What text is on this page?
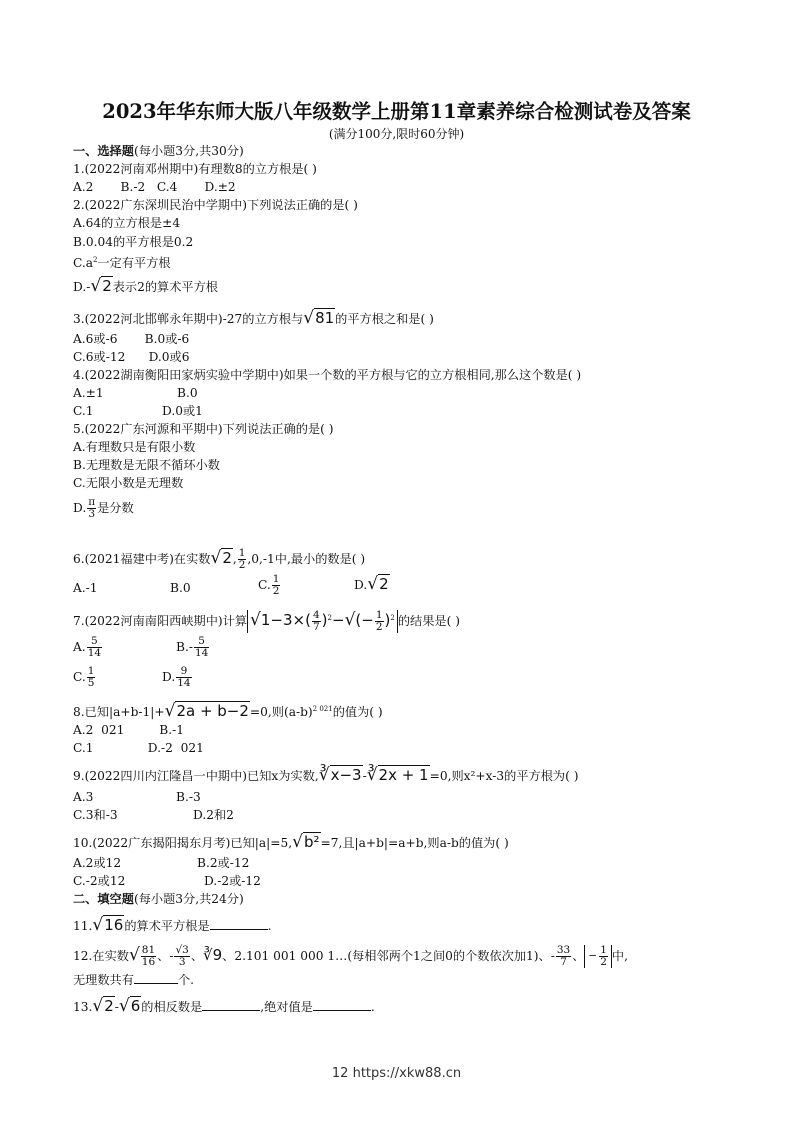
2023年华东师大版八年级数学上册第11章素养综合检测试卷及答案
(满分100分,限时60分钟)
一、选择题(每小题3分,共30分)
1.(2022河南邓州期中)有理数8的立方根是( )
A.2       B.-2   C.4       D.±2
2.(2022广东深圳民治中学期中)下列说法正确的是( )
A.64的立方根是±4
B.0.04的平方根是0.2
$C.a^2$一定有平方根
D.-√2表示2的算术平方根
3.(2022河北邯郸永年期中)-27的立方根与√81的平方根之和是( )
A.6或-6       B.0或-6
C.6或-12      D.0或6
4.(2022湖南衡阳田家炳实验中学期中)如果一个数的平方根与它的立方根相同,那么这个数是( )
A.±1	B.0
C.1	D.0或1
5.(2022广东河源和平期中)下列说法正确的是( )
A.有理数只是有限小数
B.无理数是无限不循环小数
C.无限小数是无理数
D. $\frac{\pi}{3}$ 是分数
6.(2021福建中考)在实数√2, $\frac{1}{2} ,0,-1$中,最小的数是( )
A.-1	B.0	C. $\frac{1}{2}$	D.√2
7.(2022河南南阳西峡期中)计算 $√1-3\times( \frac{4}{7} )^2-√(- \frac{1}{2} )^2$ 的结果是( )
A. $\frac{5}{14}$	$B.- \frac{5}{14}$
C. $\frac{1}{5}$	D. $\frac{9}{14}$
8.已知|a+b-1|+√2a + b−2=0,则$(a-b)^{2 021}$的值为( )
A.2  021         B.-1
C.1              D.-2  021
9.(2022四川内江隆昌一中期中)已知x为实数,∛x−3-∛2x + 1=0,则x²+x-3的平方根为( )
A.3	B.-3
C.3和-3	D.2和2
10.(2022广东揭阳揭东月考)已知|a|=5,√b²=7,且|a+b|=a+b,则a-b的值为( )
A.2或12	B.2或-12
C.-2或12	D.-2或-12
二、填空题(每小题3分,共24分)
11.√16的算术平方根是	.
12.在实数√ $\frac{81}{16}$ 、- $\frac{√3}{3}$ 、∛9、2.101 001 000 1…(每相邻两个1之间0的个数依次加1)、- $\frac{33}{7}$ 、 − $\frac{1}{2}$ 中,
无理数共有	个.
13.√2-√6的相反数是	,绝对值是	.
12 https://xkw88.cn
